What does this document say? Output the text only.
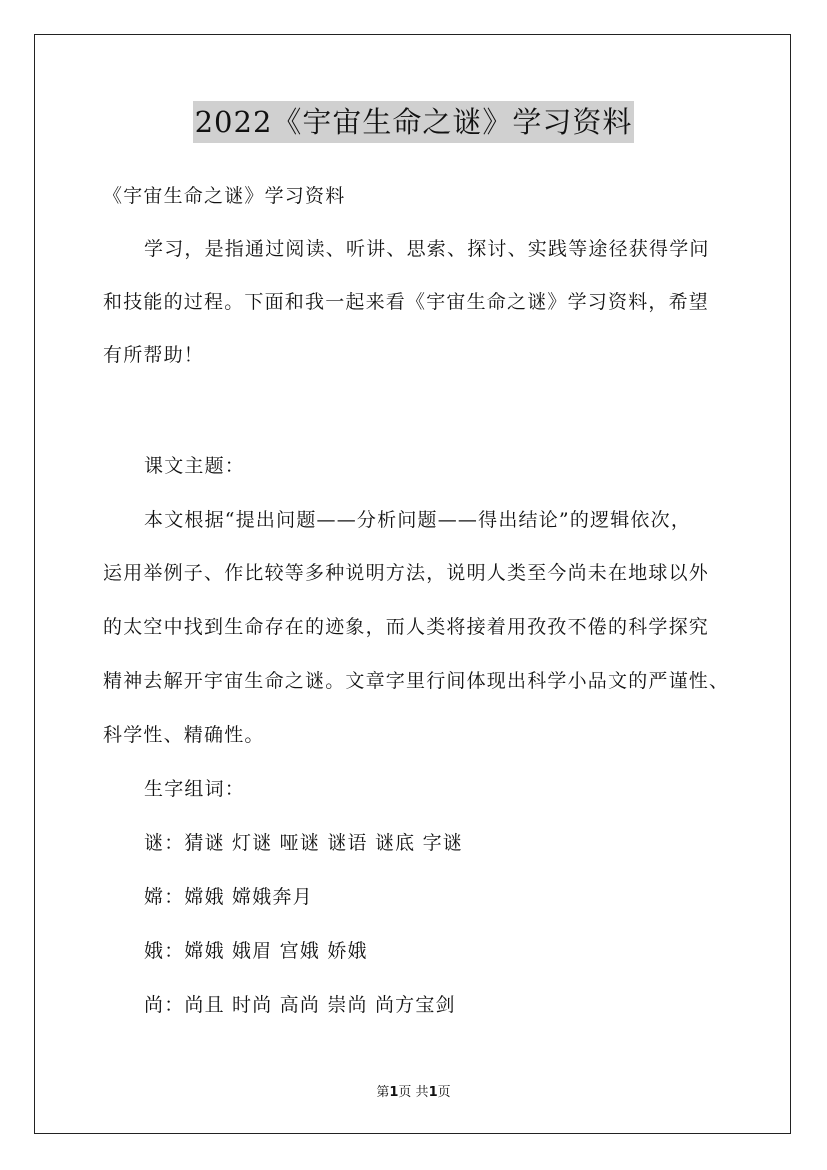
2022《宇宙生命之谜》学习资料

《宇宙生命之谜》学习资料

学习，是指通过阅读、听讲、思索、探讨、实践等途径获得学问

和技能的过程。下面和我一起来看《宇宙生命之谜》学习资料，希望

有所帮助！

课文主题：

本文根据“提出问题——分析问题——得出结论”的逻辑依次，

运用举例子、作比较等多种说明方法，说明人类至今尚未在地球以外

的太空中找到生命存在的迹象，而人类将接着用孜孜不倦的科学探究

精神去解开宇宙生命之谜。文章字里行间体现出科学小品文的严谨性、

科学性、精确性。

生字组词：

谜：猜谜 灯谜 哑谜 谜语 谜底 字谜

嫦：嫦娥 嫦娥奔月

娥：嫦娥 娥眉 宫娥 娇娥

尚：尚且 时尚 高尚 崇尚 尚方宝剑

第1页 共1页
